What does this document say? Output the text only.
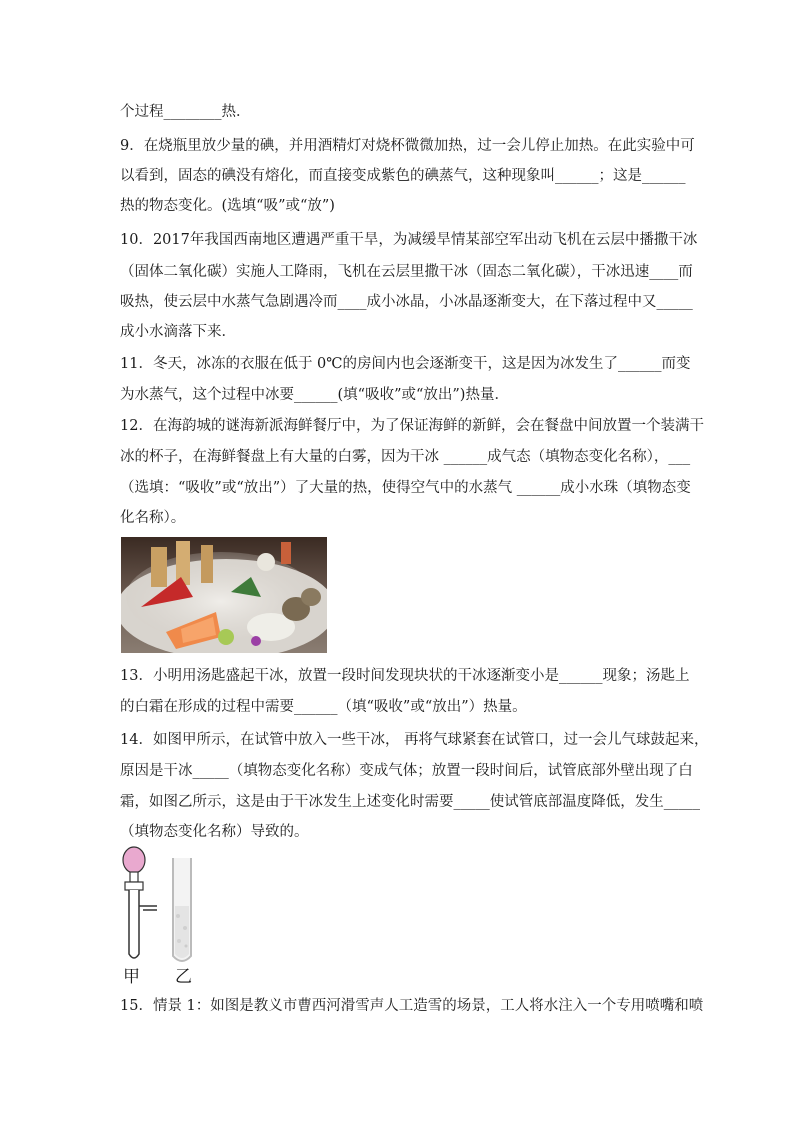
个过程________热．
9．在烧瓶里放少量的碘，并用酒精灯对烧杯微微加热，过一会儿停止加热。在此实验中可
以看到，固态的碘没有熔化，而直接变成紫色的碘蒸气，这种现象叫______；这是______
热的物态变化。(选填“吸”或“放”)
10．2017年我国西南地区遭遇严重干旱，为减缓旱情某部空军出动飞机在云层中播撒干冰
（固体二氧化碳）实施人工降雨，飞机在云层里撒干冰（固态二氧化碳），干冰迅速____而
吸热，使云层中水蒸气急剧遇冷而____成小冰晶，小冰晶逐渐变大，在下落过程中又_____
成小水滴落下来．
11．冬天，冰冻的衣服在低于 0℃的房间内也会逐渐变干，这是因为冰发生了______而变
为水蒸气，这个过程中冰要______(填“吸收”或“放出”)热量．
12．在海韵城的谜海新派海鲜餐厅中，为了保证海鲜的新鲜，会在餐盘中间放置一个装满干
冰的杯子，在海鲜餐盘上有大量的白雾，因为干冰 ______成气态（填物态变化名称），___
（选填：“吸收”或“放出”）了大量的热，使得空气中的水蒸气 ______成小水珠（填物态变
化名称）。
13．小明用汤匙盛起干冰，放置一段时间发现块状的干冰逐渐变小是______现象；汤匙上
的白霜在形成的过程中需要______（填“吸收”或“放出”）热量。
14．如图甲所示，在试管中放入一些干冰， 再将气球紧套在试管口，过一会儿气球鼓起来，
原因是干冰_____（填物态变化名称）变成气体；放置一段时间后，试管底部外壁出现了白
霜，如图乙所示，这是由于干冰发生上述变化时需要_____使试管底部温度降低，发生_____
（填物态变化名称）导致的。
甲 乙
15．情景 1：如图是教义市曹西河滑雪声人工造雪的场景，工人将水注入一个专用喷嘴和喷
